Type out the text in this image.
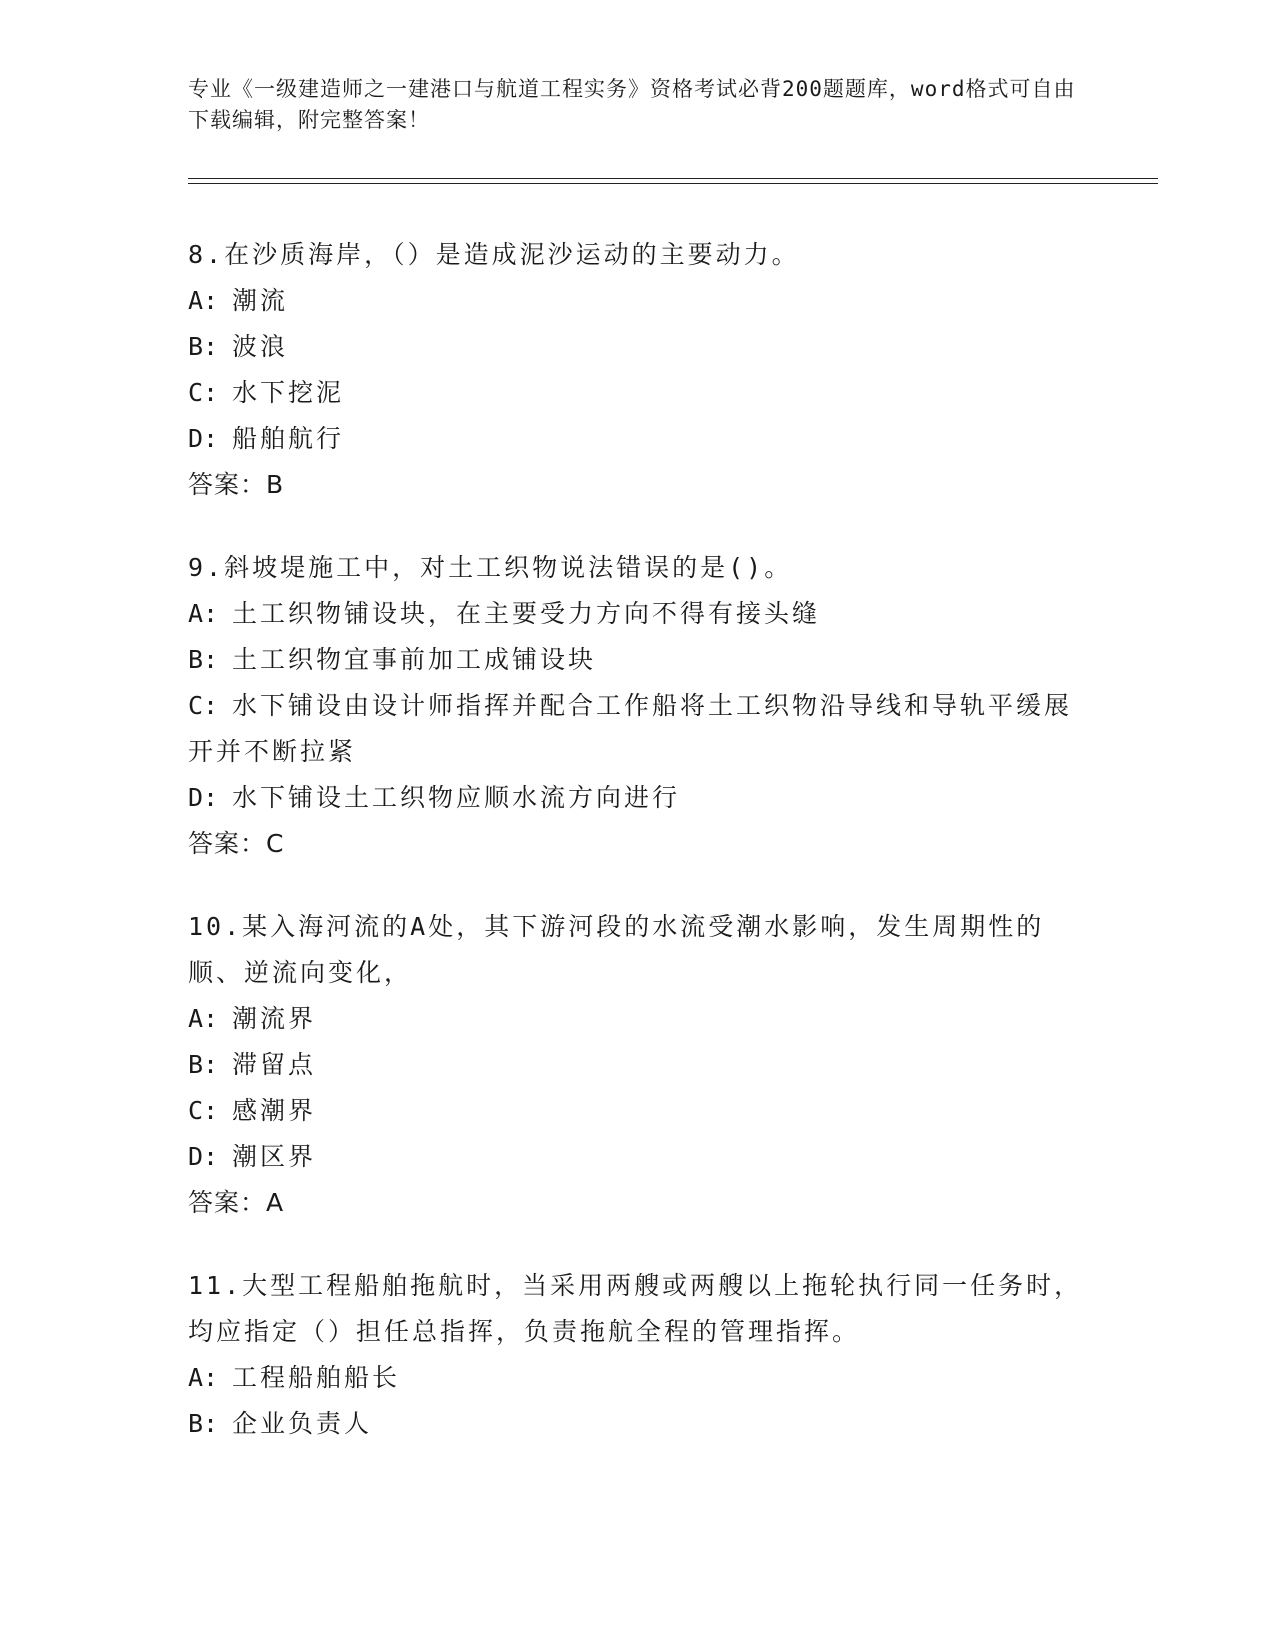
专业《一级建造师之一建港口与航道工程实务》资格考试必背200题题库，word格式可自由下载编辑，附完整答案！
8.在沙质海岸，（）是造成泥沙运动的主要动力。
A: 潮流
B: 波浪
C: 水下挖泥
D: 船舶航行
答案：B
9.斜坡堤施工中，对土工织物说法错误的是()。
A: 土工织物铺设块，在主要受力方向不得有接头缝
B: 土工织物宜事前加工成铺设块
C: 水下铺设由设计师指挥并配合工作船将土工织物沿导线和导轨平缓展开并不断拉紧
D: 水下铺设土工织物应顺水流方向进行
答案：C
10.某入海河流的A处，其下游河段的水流受潮水影响，发生周期性的顺、逆流向变化，
A: 潮流界
B: 滞留点
C: 感潮界
D: 潮区界
答案：A
11.大型工程船舶拖航时，当采用两艘或两艘以上拖轮执行同一任务时，均应指定（）担任总指挥，负责拖航全程的管理指挥。
A: 工程船舶船长
B: 企业负责人
